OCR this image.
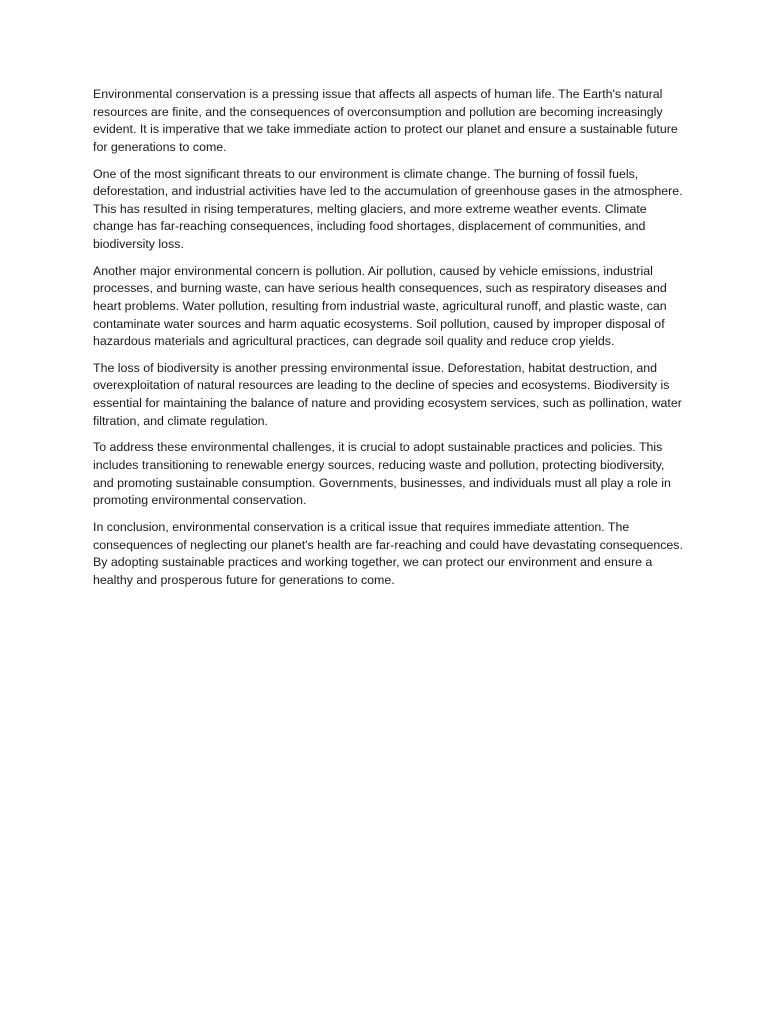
Environmental conservation is a pressing issue that affects all aspects of human life. The Earth's natural resources are finite, and the consequences of overconsumption and pollution are becoming increasingly evident. It is imperative that we take immediate action to protect our planet and ensure a sustainable future for generations to come.

One of the most significant threats to our environment is climate change. The burning of fossil fuels, deforestation, and industrial activities have led to the accumulation of greenhouse gases in the atmosphere. This has resulted in rising temperatures, melting glaciers, and more extreme weather events. Climate change has far-reaching consequences, including food shortages, displacement of communities, and biodiversity loss.

Another major environmental concern is pollution. Air pollution, caused by vehicle emissions, industrial processes, and burning waste, can have serious health consequences, such as respiratory diseases and heart problems. Water pollution, resulting from industrial waste, agricultural runoff, and plastic waste, can contaminate water sources and harm aquatic ecosystems. Soil pollution, caused by improper disposal of hazardous materials and agricultural practices, can degrade soil quality and reduce crop yields.

The loss of biodiversity is another pressing environmental issue. Deforestation, habitat destruction, and overexploitation of natural resources are leading to the decline of species and ecosystems. Biodiversity is essential for maintaining the balance of nature and providing ecosystem services, such as pollination, water filtration, and climate regulation.

To address these environmental challenges, it is crucial to adopt sustainable practices and policies. This includes transitioning to renewable energy sources, reducing waste and pollution, protecting biodiversity, and promoting sustainable consumption. Governments, businesses, and individuals must all play a role in promoting environmental conservation.

In conclusion, environmental conservation is a critical issue that requires immediate attention. The consequences of neglecting our planet's health are far-reaching and could have devastating consequences. By adopting sustainable practices and working together, we can protect our environment and ensure a healthy and prosperous future for generations to come.
